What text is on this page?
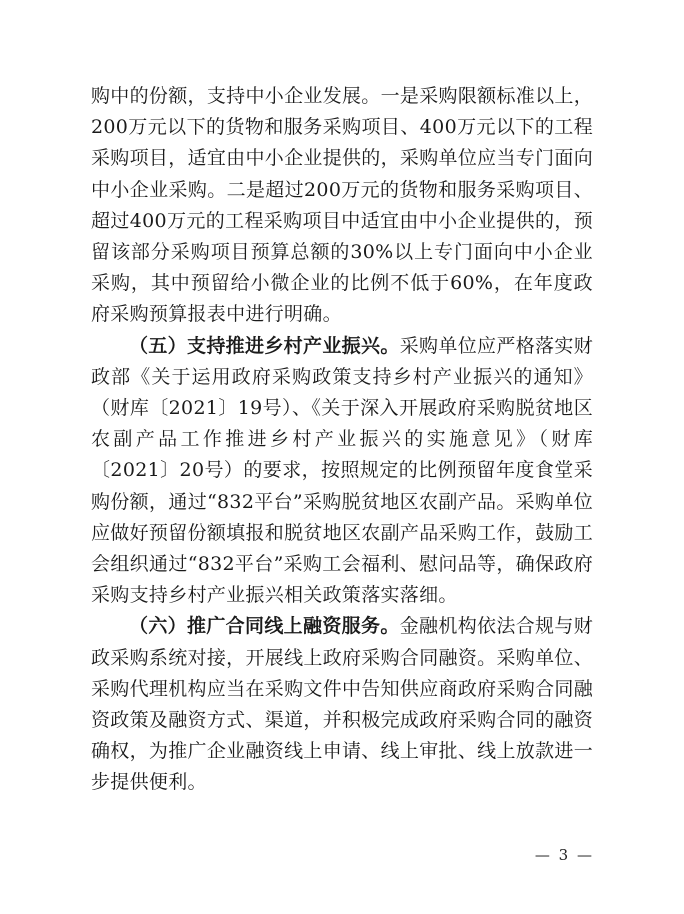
购中的份额，支持中小企业发展。一是采购限额标准以上，200万元以下的货物和服务采购项目、400万元以下的工程采购项目，适宜由中小企业提供的，采购单位应当专门面向中小企业采购。二是超过200万元的货物和服务采购项目、超过400万元的工程采购项目中适宜由中小企业提供的，预留该部分采购项目预算总额的30%以上专门面向中小企业采购，其中预留给小微企业的比例不低于60%，在年度政府采购预算报表中进行明确。

（五）支持推进乡村产业振兴。采购单位应严格落实财政部《关于运用政府采购政策支持乡村产业振兴的通知》（财库〔2021〕19号）、《关于深入开展政府采购脱贫地区农副产品工作推进乡村产业振兴的实施意见》（财库〔2021〕20号）的要求，按照规定的比例预留年度食堂采购份额，通过“832平台”采购脱贫地区农副产品。采购单位应做好预留份额填报和脱贫地区农副产品采购工作，鼓励工会组织通过“832平台”采购工会福利、慰问品等，确保政府采购支持乡村产业振兴相关政策落实落细。

（六）推广合同线上融资服务。金融机构依法合规与财政采购系统对接，开展线上政府采购合同融资。采购单位、采购代理机构应当在采购文件中告知供应商政府采购合同融资政策及融资方式、渠道，并积极完成政府采购合同的融资确权，为推广企业融资线上申请、线上审批、线上放款进一步提供便利。

— 3 —
